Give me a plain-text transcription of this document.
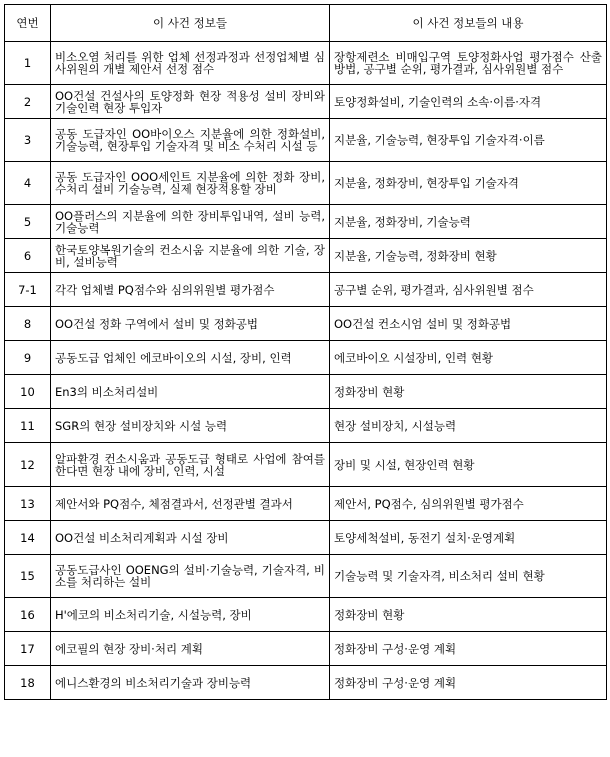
연번	이 사건 정보들	이 사건 정보들의 내용
1	비소오염 처리를 위한 업체 선정과정과 선정업체별 심사위원의 개별 제안서 선정 점수	장항제련소 비매입구역 토양정화사업 평가점수 산출방법, 공구별 순위, 평가결과, 심사위원별 점수
2	OO건설 건설사의 토양정화 현장 적용성 설비 장비와 기술인력 현장 투입자	토양정화설비, 기술인력의 소속·이름·자격
3	공동 도급자인 OO바이오스 지분율에 의한 정화설비, 기술능력, 현장투입 기술자격 및 비소 수처리 시설 등	지분율, 기술능력, 현장투입 기술자격·이름
4	공동 도급자인 OOO세인트 지분율에 의한 정화 장비, 수처리 설비 기술능력, 실제 현장적용할 장비	지분율, 정화장비, 현장투입 기술자격
5	OO플러스의 지분율에 의한 장비투입내역, 설비 능력, 기술능력	지분율, 정화장비, 기술능력
6	한국토양복원기술의 컨소시움 지분율에 의한 기술, 장비, 설비능력	지분율, 기술능력, 정화장비 현황
7-1	각각 업체별 PQ점수와 심의위원별 평가점수	공구별 순위, 평가결과, 심사위원별 점수
8	OO건설 정화 구역에서 설비 및 정화공법	OO건설 컨소시엄 설비 및 정화공법
9	공동도급 업체인 에코바이오의 시설, 장비, 인력	에코바이오 시설장비, 인력 현황
10	En3의 비소처리설비	정화장비 현황
11	SGR의 현장 설비장치와 시설 능력	현장 설비장치, 시설능력
12	알파환경 컨소시움과 공동도급 형태로 사업에 참여를 한다면 현장 내에 장비, 인력, 시설	장비 및 시설, 현장인력 현황
13	제안서와 PQ점수, 체점결과서, 선정관별 결과서	제안서, PQ점수, 심의위원별 평가점수
14	OO건설 비소처리계획과 시설 장비	토양세척설비, 동전기 설치·운영계획
15	공동도급사인 OOENG의 설비·기술능력, 기술자격, 비소를 처리하는 설비	기술능력 및 기술자격, 비소처리 설비 현황
16	H'에코의 비소처리기술, 시설능력, 장비	정화장비 현황
17	에코필의 현장 장비·처리 계획	정화장비 구성·운영 계획
18	에니스환경의 비소처리기술과 장비능력	정화장비 구성·운영 계획
